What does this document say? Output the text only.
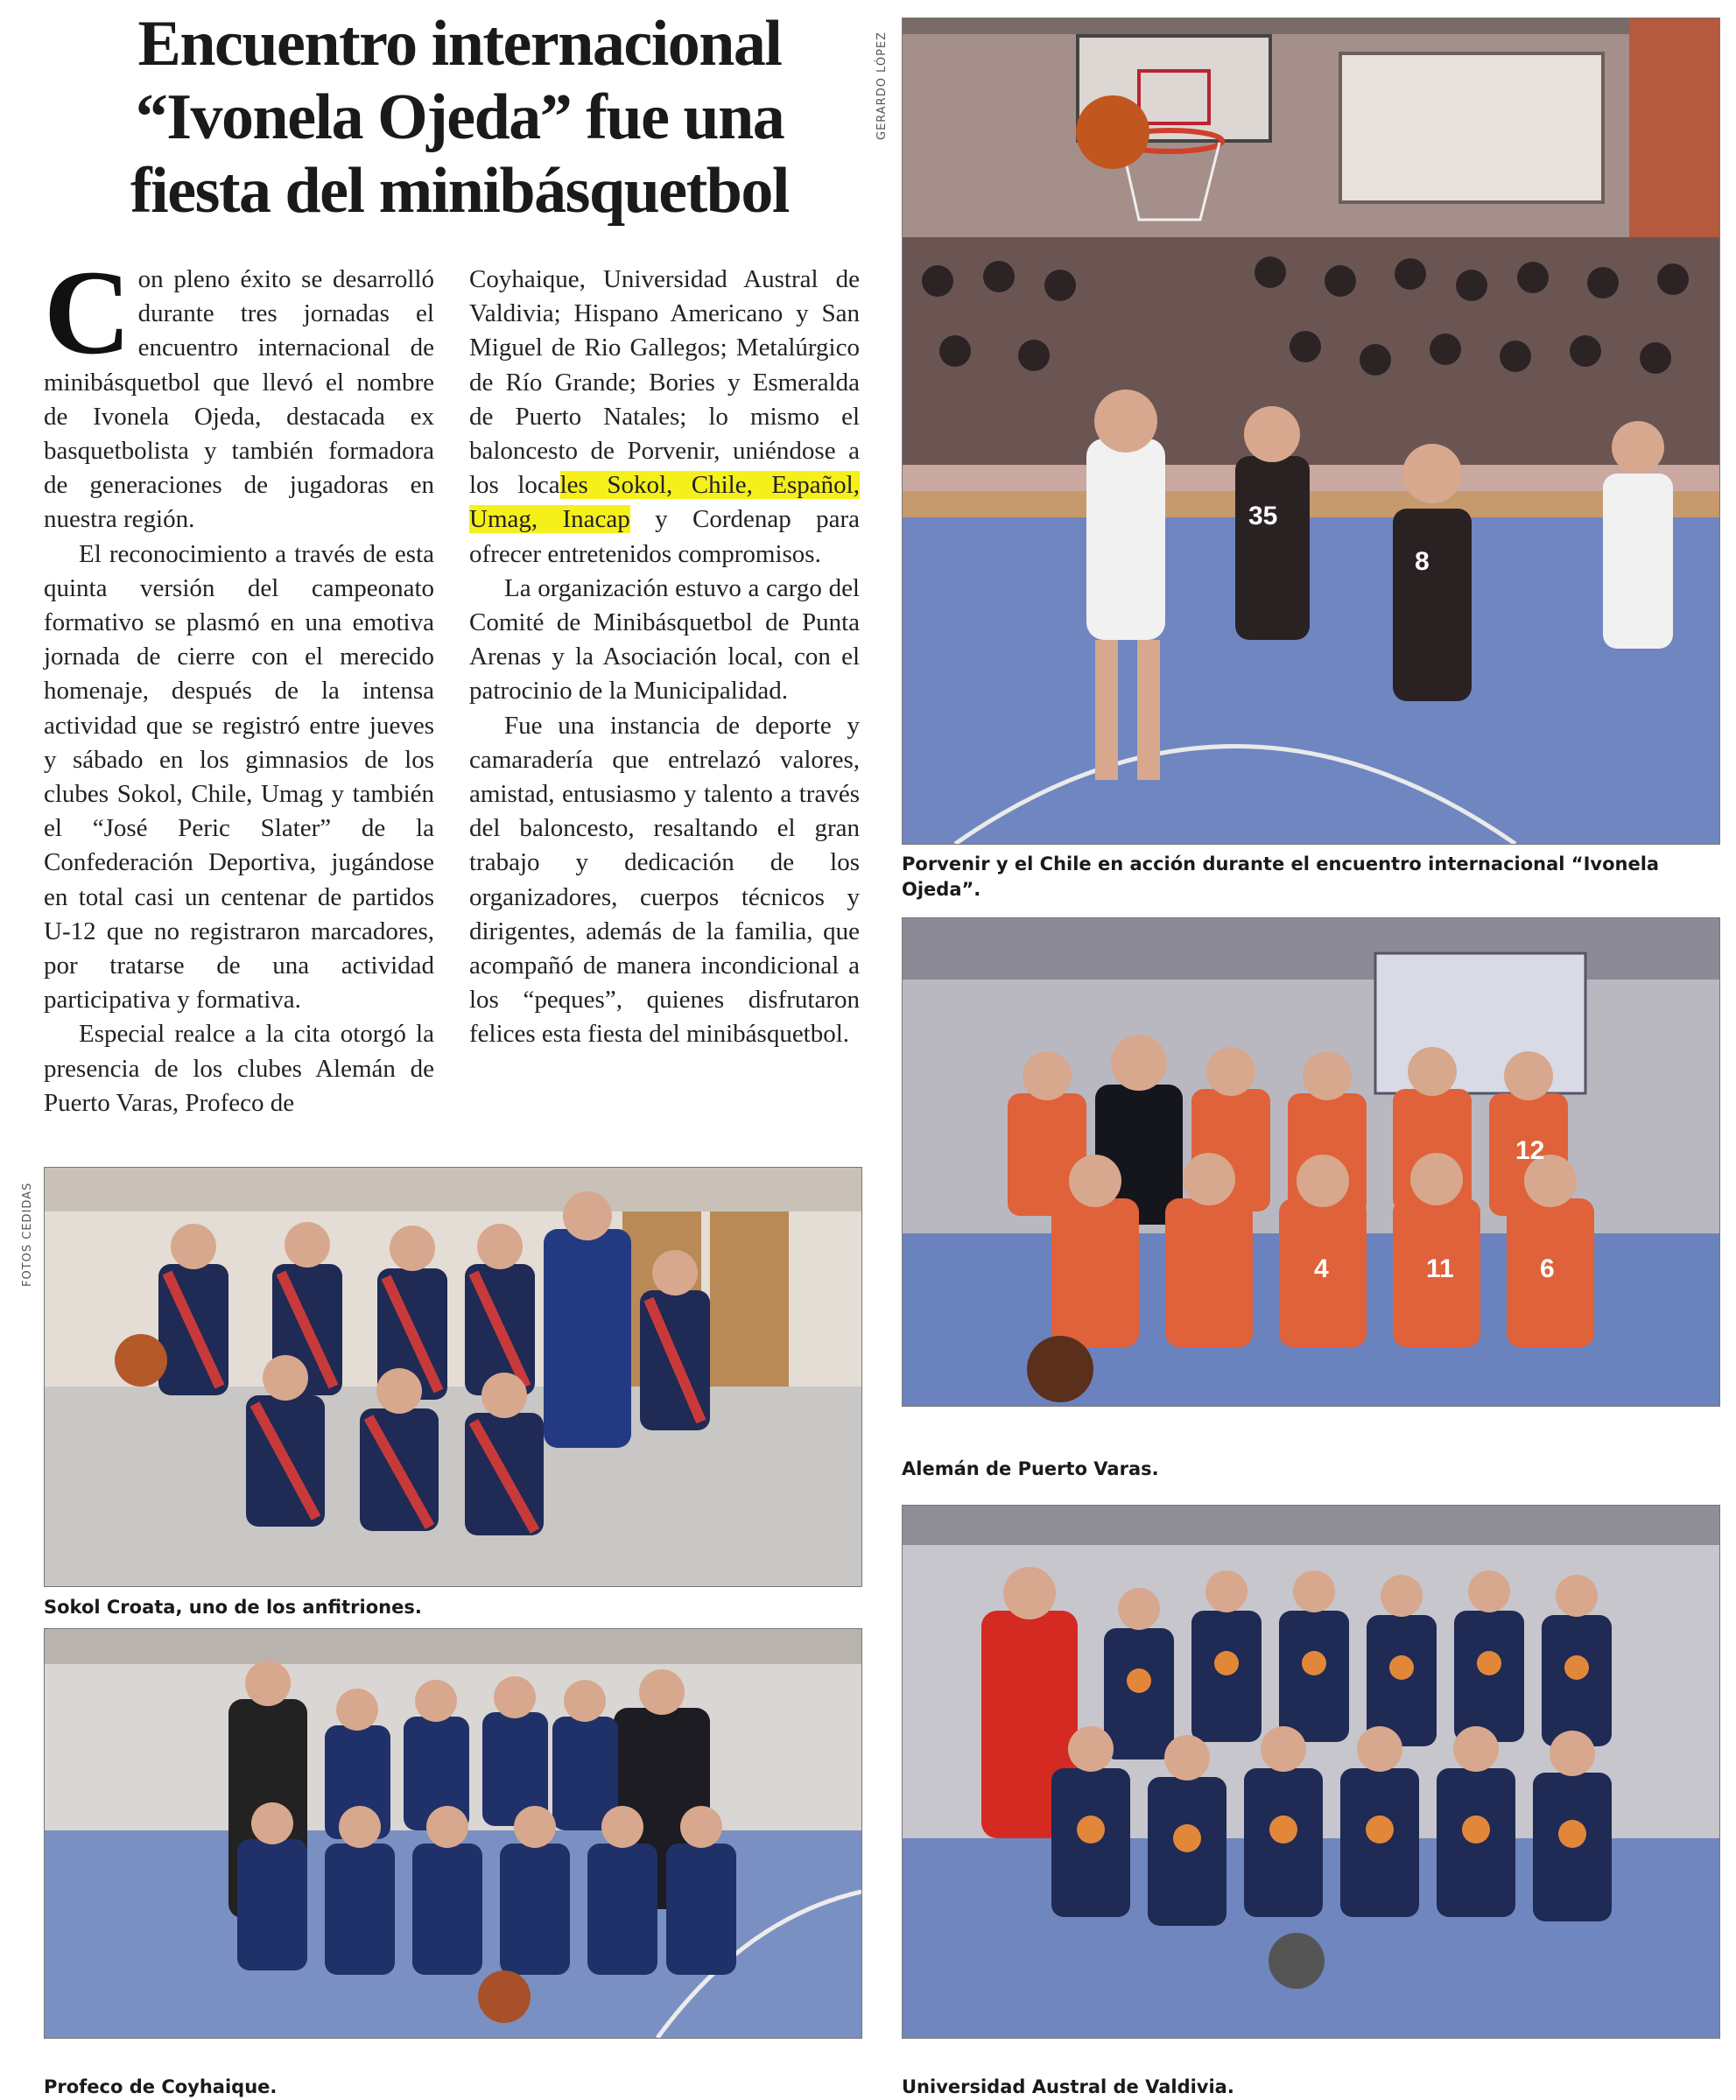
Encuentro internacional
“Ivonela Ojeda” fue una
fiesta del minibásquetbol

Con pleno éxito se desarrolló durante tres jornadas el encuentro internacional de minibásquetbol que llevó el nombre de Ivonela Ojeda, destacada ex basquetbolista y también formadora de generaciones de jugadoras en nuestra región.

El reconocimiento a través de esta quinta versión del campeonato formativo se plasmó en una emotiva jornada de cierre con el merecido homenaje, después de la intensa actividad que se registró entre jueves y sábado en los gimnasios de los clubes Sokol, Chile, Umag y también el “José Peric Slater” de la Confederación Deportiva, jugándose en total casi un centenar de partidos U-12 que no registraron marcadores, por tratarse de una actividad participativa y formativa.

Especial realce a la cita otorgó la presencia de los clubes Alemán de Puerto Varas, Profeco de

Coyhaique, Universidad Austral de Valdivia; Hispano Americano y San Miguel de Rio Gallegos; Metalúrgico de Río Grande; Bories y Esmeralda de Puerto Natales; lo mismo el baloncesto de Porvenir, uniéndose a los locales Sokol, Chile, Español, Umag, Inacap y Cordenap para ofrecer entretenidos compromisos.

La organización estuvo a cargo del Comité de Minibásquetbol de Punta Arenas y la Asociación local, con el patrocinio de la Municipalidad.

Fue una instancia de deporte y camaradería que entrelazó valores, amistad, entusiasmo y talento a través del baloncesto, resaltando el gran trabajo y dedicación de los organizadores, cuerpos técnicos y dirigentes, además de la familia, que acompañó de manera incondicional a los “peques”, quienes disfrutaron felices esta fiesta del minibásquetbol.

GERARDO LÓPEZ
FOTOS CEDIDAS
35
8
Porvenir y el Chile en acción durante el encuentro internacional “Ivonela Ojeda”.
4	11	6
12
Alemán de Puerto Varas.
Sokol Croata, uno de los anfitriones.
Profeco de Coyhaique.	Universidad Austral de Valdivia.
